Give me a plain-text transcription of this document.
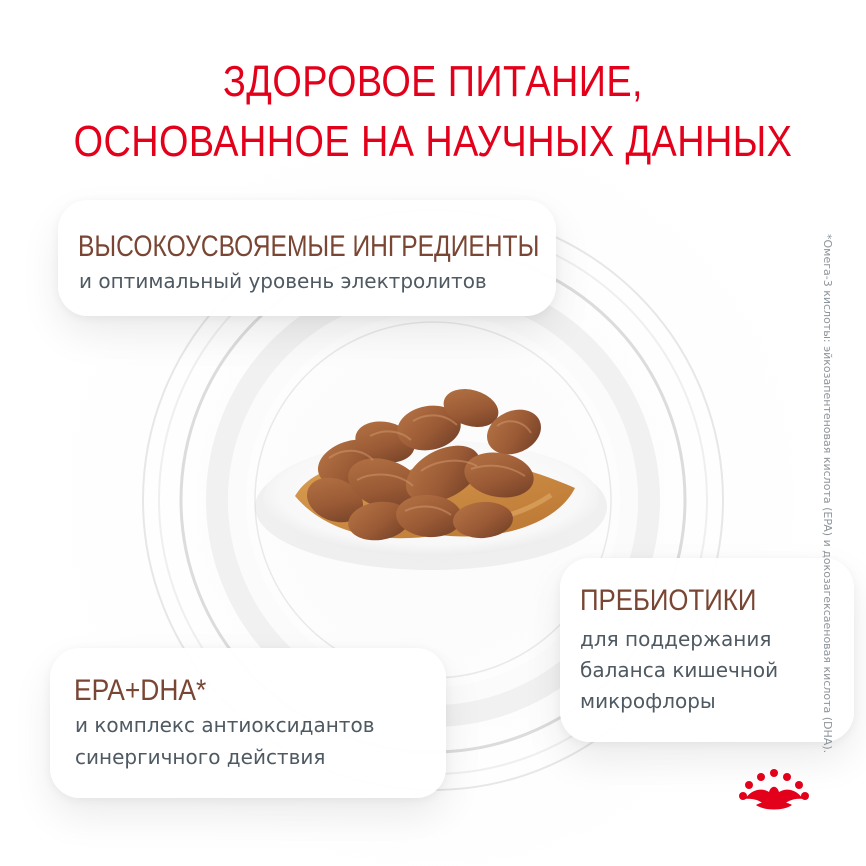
ЗДОРОВОЕ ПИТАНИЕ,
ОСНОВАННОЕ НА НАУЧНЫХ ДАННЫХ
ВЫСОКОУСВОЯЕМЫЕ ИНГРЕДИЕНТЫ
и оптимальный уровень электролитов
ПРЕБИОТИКИ
для поддержания баланса кишечной микрофлоры
EPA+DHA*
и комплекс антиоксидантов синергичного действия
*Омега-3 кислоты: эйкозапентеновая кислота (EPA) и докозагексаеновая кислота (DHA).
